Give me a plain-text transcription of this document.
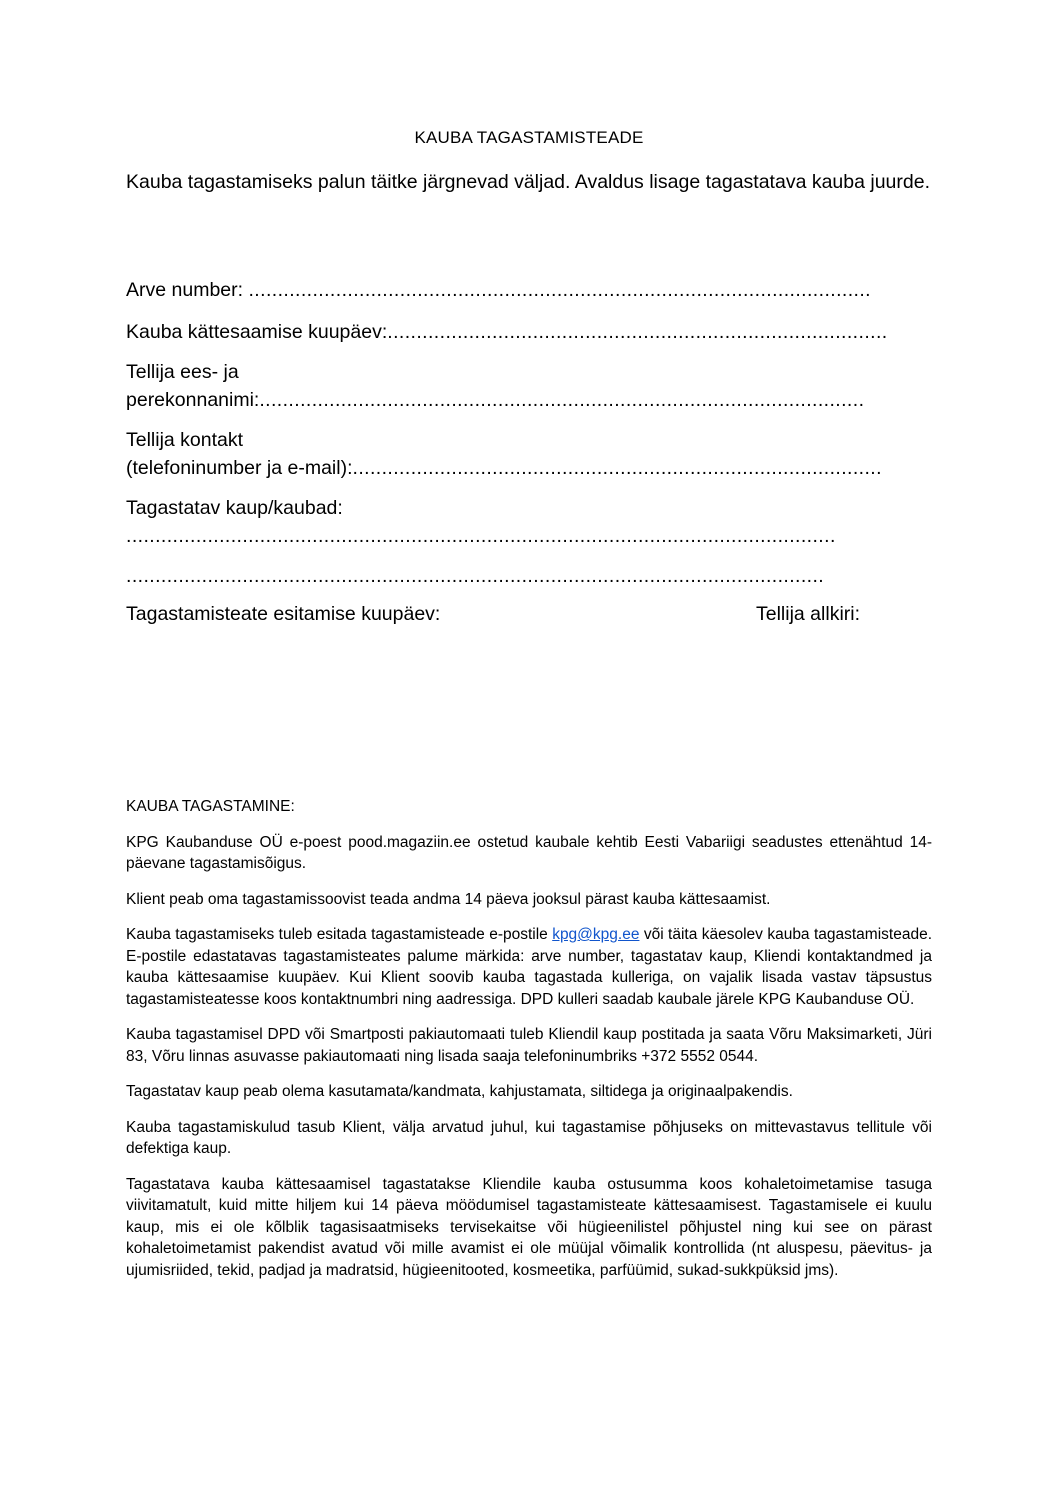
KAUBA TAGASTAMISTEADE
Kauba tagastamiseks palun täitke järgnevad väljad. Avaldus lisage tagastatava kauba juurde.
Arve number: ...........................................................................................................
Kauba kättesaamise kuupäev:......................................................................................
Tellija ees- ja
perekonnanimi:........................................................................................................
Tellija kontakt
(telefoninumber ja e-mail):...........................................................................................
Tagastatav kaup/kaubad:
..........................................................................................................................
........................................................................................................................
Tagastamisteate esitamise kuupäev:	Tellija allkiri:
KAUBA TAGASTAMINE:

KPG Kaubanduse OÜ e-poest pood.magaziin.ee ostetud kaubale kehtib Eesti Vabariigi seadustes ettenähtud 14-päevane tagastamisõigus.

Klient peab oma tagastamissoovist teada andma 14 päeva jooksul pärast kauba kättesaamist.

Kauba tagastamiseks tuleb esitada tagastamisteade e-postile kpg@kpg.ee või täita käesolev kauba tagastamisteade. E-postile edastatavas tagastamisteates palume märkida: arve number, tagastatav kaup, Kliendi kontaktandmed ja kauba kättesaamise kuupäev. Kui Klient soovib kauba tagastada kulleriga, on vajalik lisada vastav täpsustus tagastamisteatesse koos kontaktnumbri ning aadressiga. DPD kulleri saadab kaubale järele KPG Kaubanduse OÜ.

Kauba tagastamisel DPD või Smartposti pakiautomaati tuleb Kliendil kaup postitada ja saata Võru Maksimarketi, Jüri 83, Võru linnas asuvasse pakiautomaati ning lisada saaja telefoninumbriks +372 5552 0544.

Tagastatav kaup peab olema kasutamata/kandmata, kahjustamata, siltidega ja originaalpakendis.

Kauba tagastamiskulud tasub Klient, välja arvatud juhul, kui tagastamise põhjuseks on mittevastavus tellitule või defektiga kaup.

Tagastatava kauba kättesaamisel tagastatakse Kliendile kauba ostusumma koos kohaletoimetamise tasuga viivitamatult, kuid mitte hiljem kui 14 päeva möödumisel tagastamisteate kättesaamisest. Tagastamisele ei kuulu kaup, mis ei ole kõlblik tagasisaatmiseks tervisekaitse või hügieenilistel põhjustel ning kui see on pärast kohaletoimetamist pakendist avatud või mille avamist ei ole müüjal võimalik kontrollida (nt aluspesu, päevitus- ja ujumisriided, tekid, padjad ja madratsid, hügieenitooted, kosmeetika, parfüümid, sukad-sukkpüksid jms).
